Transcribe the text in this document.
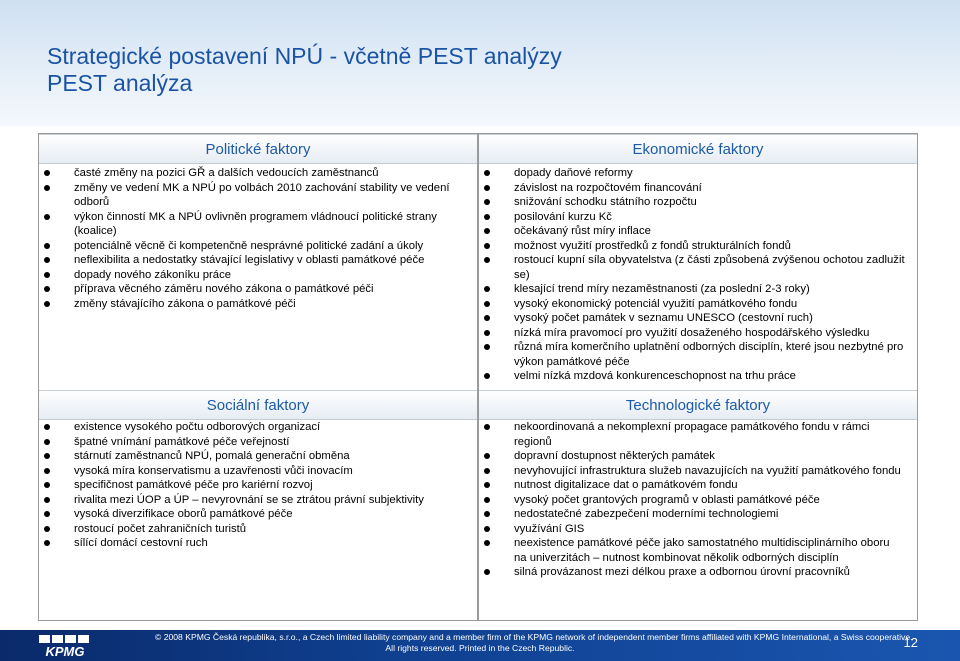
Strategické postavení NPÚ - včetně PEST analýzy
PEST analýza
Politické faktory
časté změny na pozici GŘ a dalších vedoucích zaměstnanců
změny ve vedení MK a NPÚ po volbách 2010 zachování stability ve vedení odborů
výkon činností MK a NPÚ ovlivněn programem vládnoucí politické strany (koalice)
potenciálně věcně či kompetenčně nesprávné politické zadání a úkoly
neflexibilita a nedostatky stávající legislativy v oblasti památkové péče
dopady nového zákoníku práce
příprava věcného záměru nového zákona o památkové péči
změny stávajícího zákona o památkové péči
Sociální faktory
existence vysokého počtu odborových organizací
špatné vnímání památkové péče veřejností
stárnutí zaměstnanců NPÚ, pomalá generační obměna
vysoká míra konservatismu a uzavřenosti vůči inovacím
specifičnost památkové péče pro kariérní rozvoj
rivalita mezi ÚOP a ÚP – nevyrovnání se se ztrátou právní subjektivity
vysoká diverzifikace oborů památkové péče
rostoucí počet zahraničních turistů
sílící domácí cestovní ruch
Ekonomické faktory
dopady daňové reformy
závislost na rozpočtovém financování
snižování schodku státního rozpočtu
posilování kurzu Kč
očekávaný růst míry inflace
možnost využití prostředků z fondů strukturálních fondů
rostoucí kupní síla obyvatelstva (z části způsobená zvýšenou ochotou zadlužit se)
klesající trend míry nezaměstnanosti (za poslední 2-3 roky)
vysoký ekonomický potenciál využití památkového fondu
vysoký počet památek v seznamu UNESCO (cestovní ruch)
nízká míra pravomocí pro využití dosaženého hospodářského výsledku
různá míra komerčního uplatnění odborných disciplín, které jsou nezbytné pro výkon památkové péče
velmi nízká mzdová konkurenceschopnost na trhu práce
Technologické faktory
nekoordinovaná a nekomplexní propagace památkového fondu v rámci regionů
dopravní dostupnost některých památek
nevyhovující infrastruktura služeb navazujících na využití památkového fondu
nutnost digitalizace dat o památkovém fondu
vysoký počet grantových programů v oblasti památkové péče
nedostatečné zabezpečení moderními technologiemi
využívání GIS
neexistence památkové péče jako samostatného multidisciplinárního oboru na univerzitách – nutnost kombinovat několik odborných disciplín
silná provázanost mezi délkou praxe a odbornou úrovní pracovníků
KPMG
© 2008 KPMG Česká republika, s.r.o., a Czech limited liability company and a member firm of the KPMG network of independent member firms affiliated with KPMG International, a Swiss cooperative.
All rights reserved. Printed in the Czech Republic.	12
